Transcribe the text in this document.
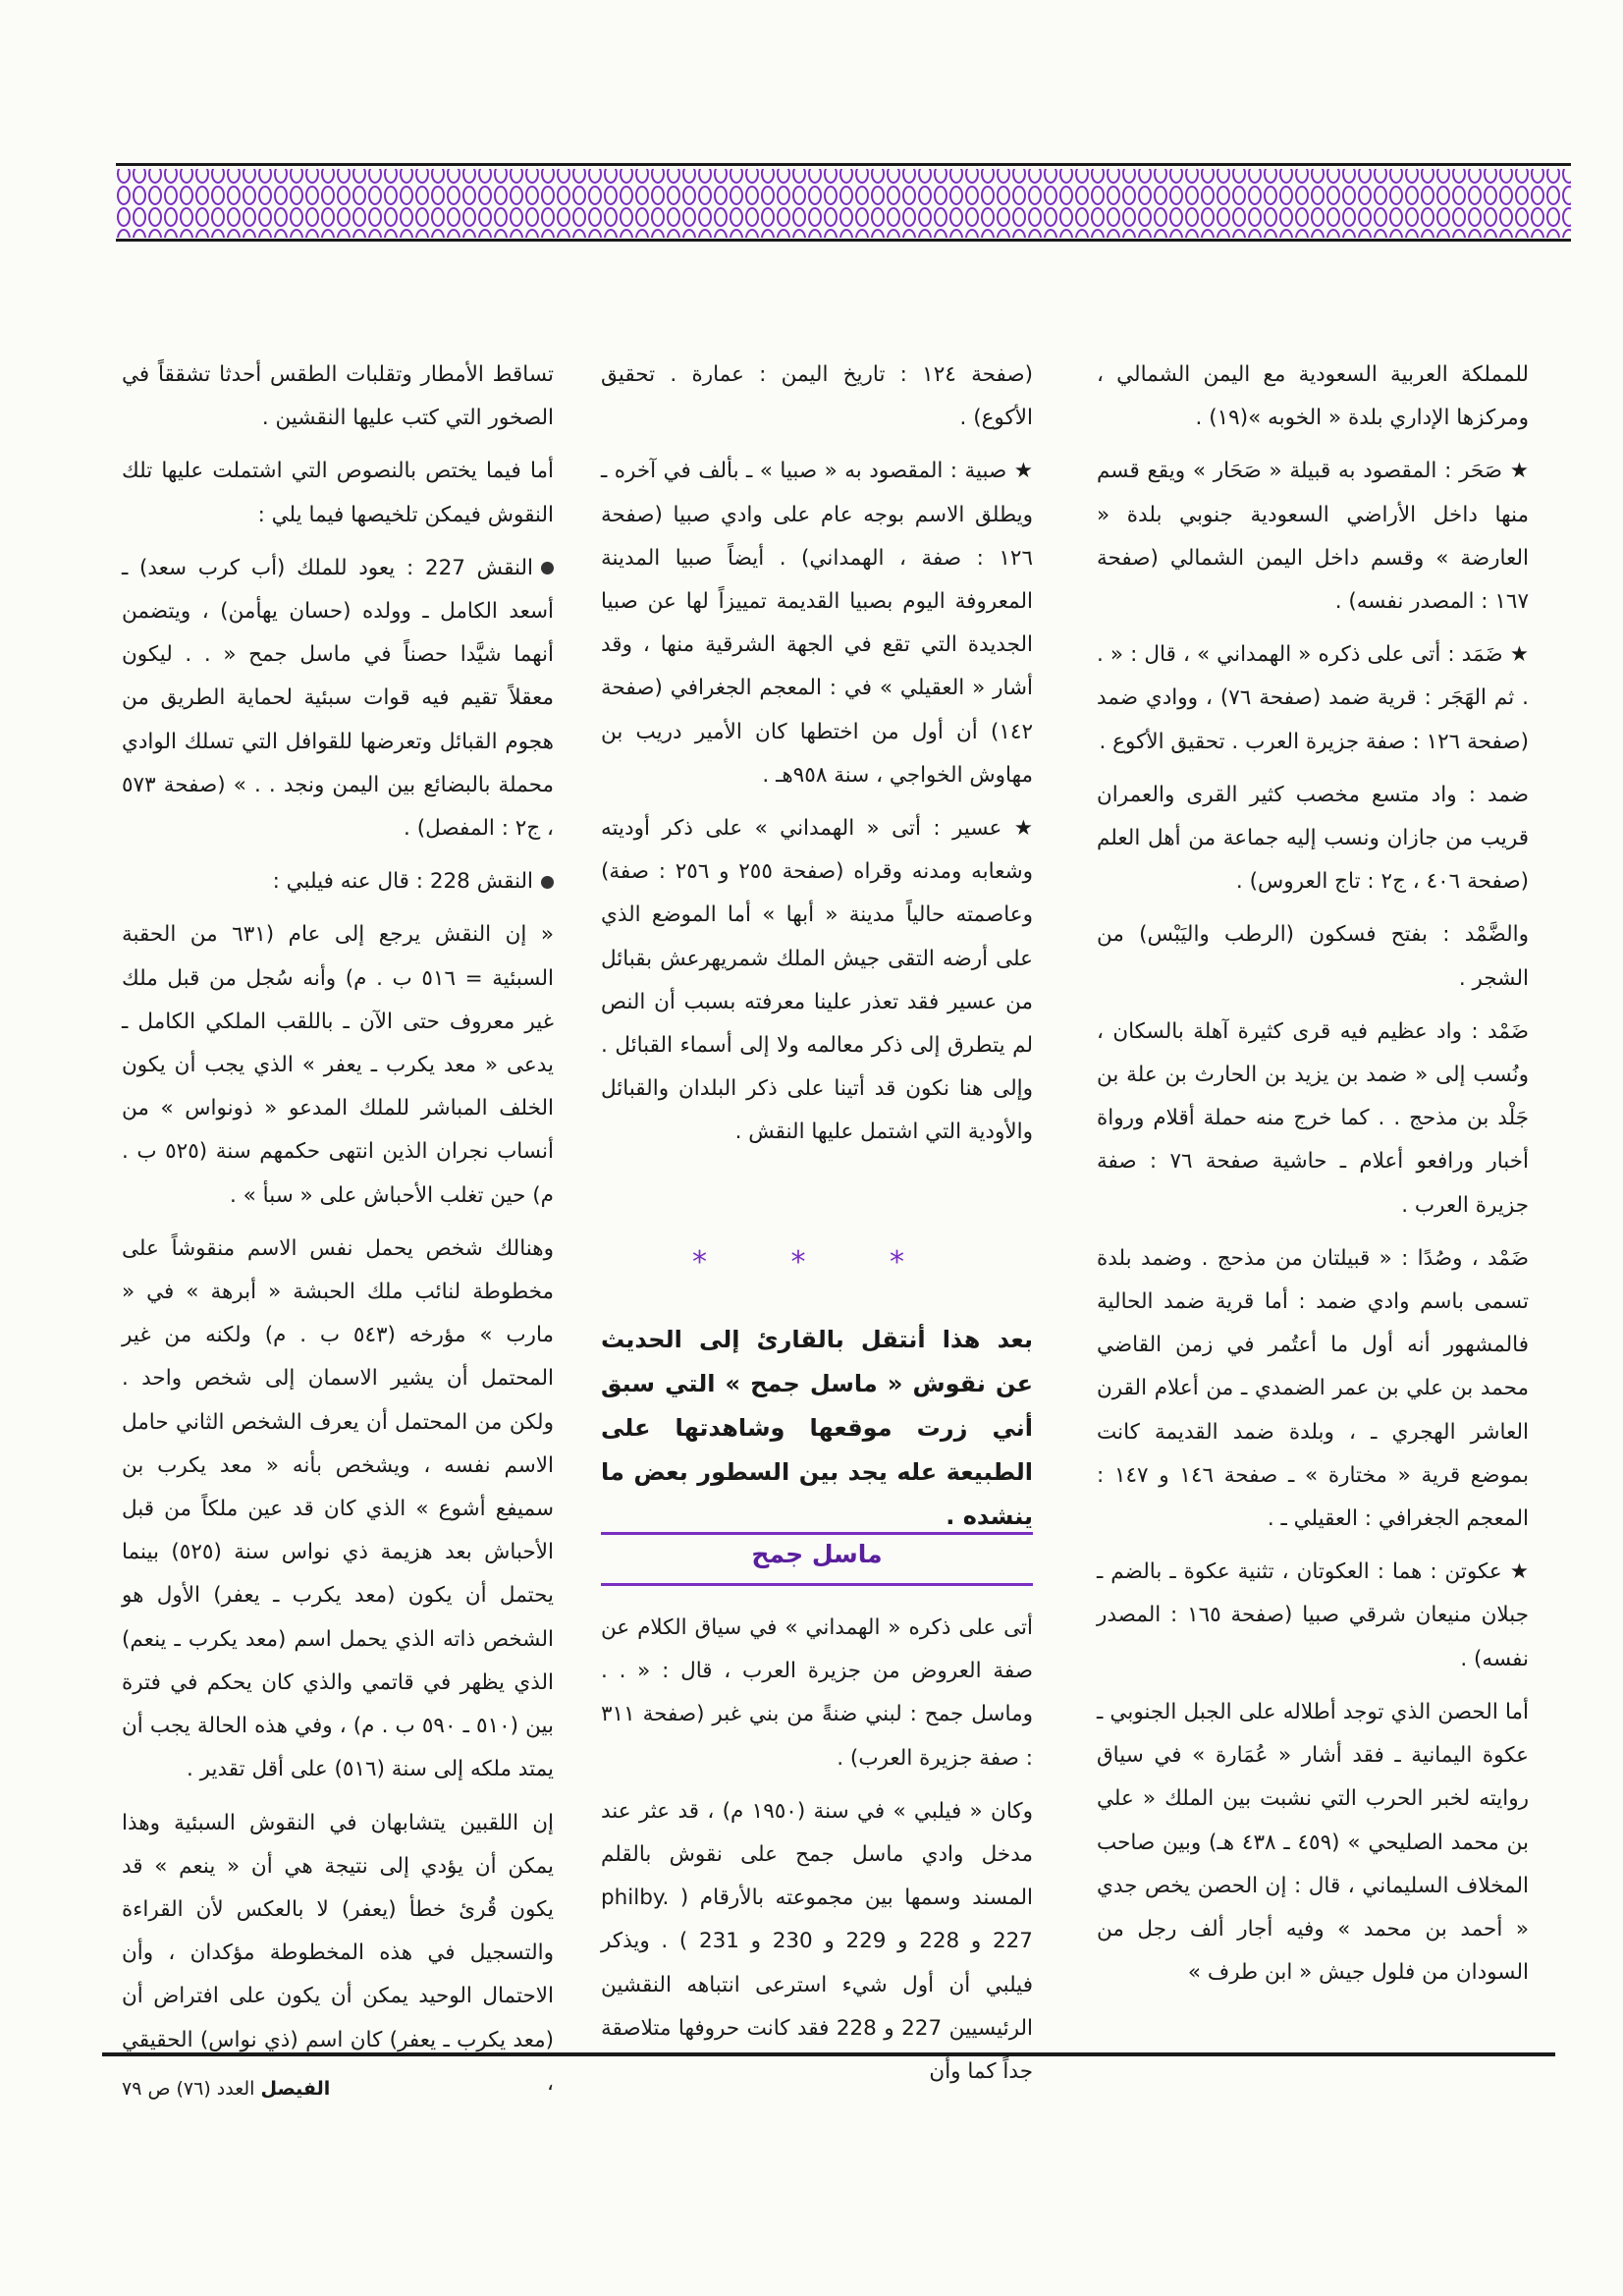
للمملكة العربية السعودية مع اليمن الشمالي ، ومركزها الإداري بلدة « الخوبه »(١٩) .

★ صَحَر : المقصود به قبيلة « صَحَار » ويقع قسم منها داخل الأراضي السعودية جنوبي بلدة « العارضة » وقسم داخل اليمن الشمالي (صفحة ١٦٧ : المصدر نفسه) .

★ ضَمَد : أتى على ذكره « الهمداني » ، قال : « . . ثم الهَجَر : قرية ضمد (صفحة ٧٦) ، ووادي ضمد (صفحة ١٢٦ : صفة جزيرة العرب . تحقيق الأكوع .

ضمد : واد متسع مخصب كثير القرى والعمران قريب من جازان ونسب إليه جماعة من أهل العلم (صفحة ٤٠٦ ، ج٢ : تاج العروس) .

والضَّمْد : بفتح فسكون (الرطب واليَبْس) من الشجر .

ضَمْد : واد عظيم فيه قرى كثيرة آهلة بالسكان ، ونُسب إلى « ضمد بن يزيد بن الحارث بن علة بن جَلْد بن مذحج . . كما خرج منه حملة أقلام ورواة أخبار ورافعو أعلام ـ حاشية صفحة ٧٦ : صفة جزيرة العرب .

ضَمْد ، وصُدًا : « قبيلتان من مذحج . وضمد بلدة تسمى باسم وادي ضمد : أما قرية ضمد الحالية فالمشهور أنه أول ما أعتُمر في زمن القاضي محمد بن علي بن عمر الضمدي ـ من أعلام القرن العاشر الهجري ـ ، وبلدة ضمد القديمة كانت بموضع قرية « مختارة » ـ صفحة ١٤٦ و ١٤٧ : المعجم الجغرافي : العقيلي ـ .

★ عكوتن : هما : العكوتان ، تثنية عكوة ـ بالضم ـ جبلان منيعان شرقي صبيا (صفحة ١٦٥ : المصدر نفسه) .

أما الحصن الذي توجد أطلاله على الجبل الجنوبي ـ عكوة اليمانية ـ فقد أشار « عُمَارة » في سياق روايته لخبر الحرب التي نشبت بين الملك « علي بن محمد الصليحي » (٤٥٩ ـ ٤٣٨ هـ) وبين صاحب المخلاف السليماني ، قال : إن الحصن يخص جدي « أحمد بن محمد » وفيه أجار ألف رجل من السودان من فلول جيش « ابن طرف »

(صفحة ١٢٤ : تاريخ اليمن : عمارة . تحقيق الأكوع) .

★ صبية : المقصود به « صبيا » ـ بألف في آخره ـ ويطلق الاسم بوجه عام على وادي صبيا (صفحة ١٢٦ : صفة ، الهمداني) . أيضاً صبيا المدينة المعروفة اليوم بصبيا القديمة تمييزاً لها عن صبيا الجديدة التي تقع في الجهة الشرقية منها ، وقد أشار « العقيلي » في : المعجم الجغرافي (صفحة ١٤٢) أن أول من اختطها كان الأمير دريب بن مهاوش الخواجي ، سنة ٩٥٨هـ .

★ عسير : أتى « الهمداني » على ذكر أوديته وشعابه ومدنه وقراه (صفحة ٢٥٥ و ٢٥٦ : صفة) وعاصمته حالياً مدينة « أبها » أما الموضع الذي على أرضه التقى جيش الملك شمريهرعش بقبائل من عسير فقد تعذر علينا معرفته بسبب أن النص لم يتطرق إلى ذكر معالمه ولا إلى أسماء القبائل . وإلى هنا نكون قد أتينا على ذكر البلدان والقبائل والأودية التي اشتمل عليها النقش .

* * *
بعد هذا أنتقل بالقارئ إلى الحديث عن نقوش « ماسل جمح » التي سبق أني زرت موقعها وشاهدتها على الطبيعة عله يجد بين السطور بعض ما ينشده .
ماسل جمح

أتى على ذكره « الهمداني » في سياق الكلام عن صفة العروض من جزيرة العرب ، قال : « . . وماسل جمح : لبني ضنةً من بني غبر (صفحة ٣١١ : صفة جزيرة العرب) .

وكان « فيلبي » في سنة (١٩٥٠ م) ، قد عثر عند مدخل وادي ماسل جمح على نقوش بالقلم المسند وسمها بين مجموعته بالأرقام ( philby. 227 و 228 و 229 و 230 و 231 ) . ويذكر فيلبي أن أول شيء استرعى انتباهه النقشين الرئيسيين 227 و 228 فقد كانت حروفها متلاصقة جداً كما وأن

تساقط الأمطار وتقلبات الطقس أحدثا تشققاً في الصخور التي كتب عليها النقشين .

أما فيما يختص بالنصوص التي اشتملت عليها تلك النقوش فيمكن تلخيصها فيما يلي :

النقش 227 : يعود للملك (أب كرب سعد) ـ أسعد الكامل ـ وولده (حسان يهأمن) ، ويتضمن أنهما شيَّدا حصناً في ماسل جمح « . . ليكون معقلاً تقيم فيه قوات سبئية لحماية الطريق من هجوم القبائل وتعرضها للقوافل التي تسلك الوادي محملة بالبضائع بين اليمن ونجد . . » (صفحة ٥٧٣ ، ج٢ : المفصل) .

النقش 228 : قال عنه فيلبي :

« إن النقش يرجع إلى عام (٦٣١ من الحقبة السبئية = ٥١٦ ب . م) وأنه سُجل من قبل ملك غير معروف حتى الآن ـ باللقب الملكي الكامل ـ يدعى « معد يكرب ـ يعفر » الذي يجب أن يكون الخلف المباشر للملك المدعو « ذونواس » من أنساب نجران الذين انتهى حكمهم سنة (٥٢٥ ب . م) حين تغلب الأحباش على « سبأ » .

وهنالك شخص يحمل نفس الاسم منقوشاً على مخطوطة لنائب ملك الحبشة « أبرهة » في « مارب » مؤرخه (٥٤٣ ب . م) ولكنه من غير المحتمل أن يشير الاسمان إلى شخص واحد . ولكن من المحتمل أن يعرف الشخص الثاني حامل الاسم نفسه ، ويشخص بأنه « معد يكرب بن سميفع أشوع » الذي كان قد عين ملكاً من قبل الأحباش بعد هزيمة ذي نواس سنة (٥٢٥) بينما يحتمل أن يكون (معد يكرب ـ يعفر) الأول هو الشخص ذاته الذي يحمل اسم (معد يكرب ـ ينعم) الذي يظهر في قاتمي والذي كان يحكم في فترة بين (٥١٠ ـ ٥٩٠ ب . م) ، وفي هذه الحالة يجب أن يمتد ملكه إلى سنة (٥١٦) على أقل تقدير .

إن اللقبين يتشابهان في النقوش السبئية وهذا يمكن أن يؤدي إلى نتيجة هي أن « ينعم » قد يكون قُرئ خطأ (يعفر) لا بالعكس لأن القراءة والتسجيل في هذه المخطوطة مؤكدان ، وأن الاحتمال الوحيد يمكن أن يكون على افتراض أن (معد يكرب ـ يعفر) كان اسم (ذي نواس) الحقيقي ،

الفيصل العدد (٧٦) ص ٧٩
